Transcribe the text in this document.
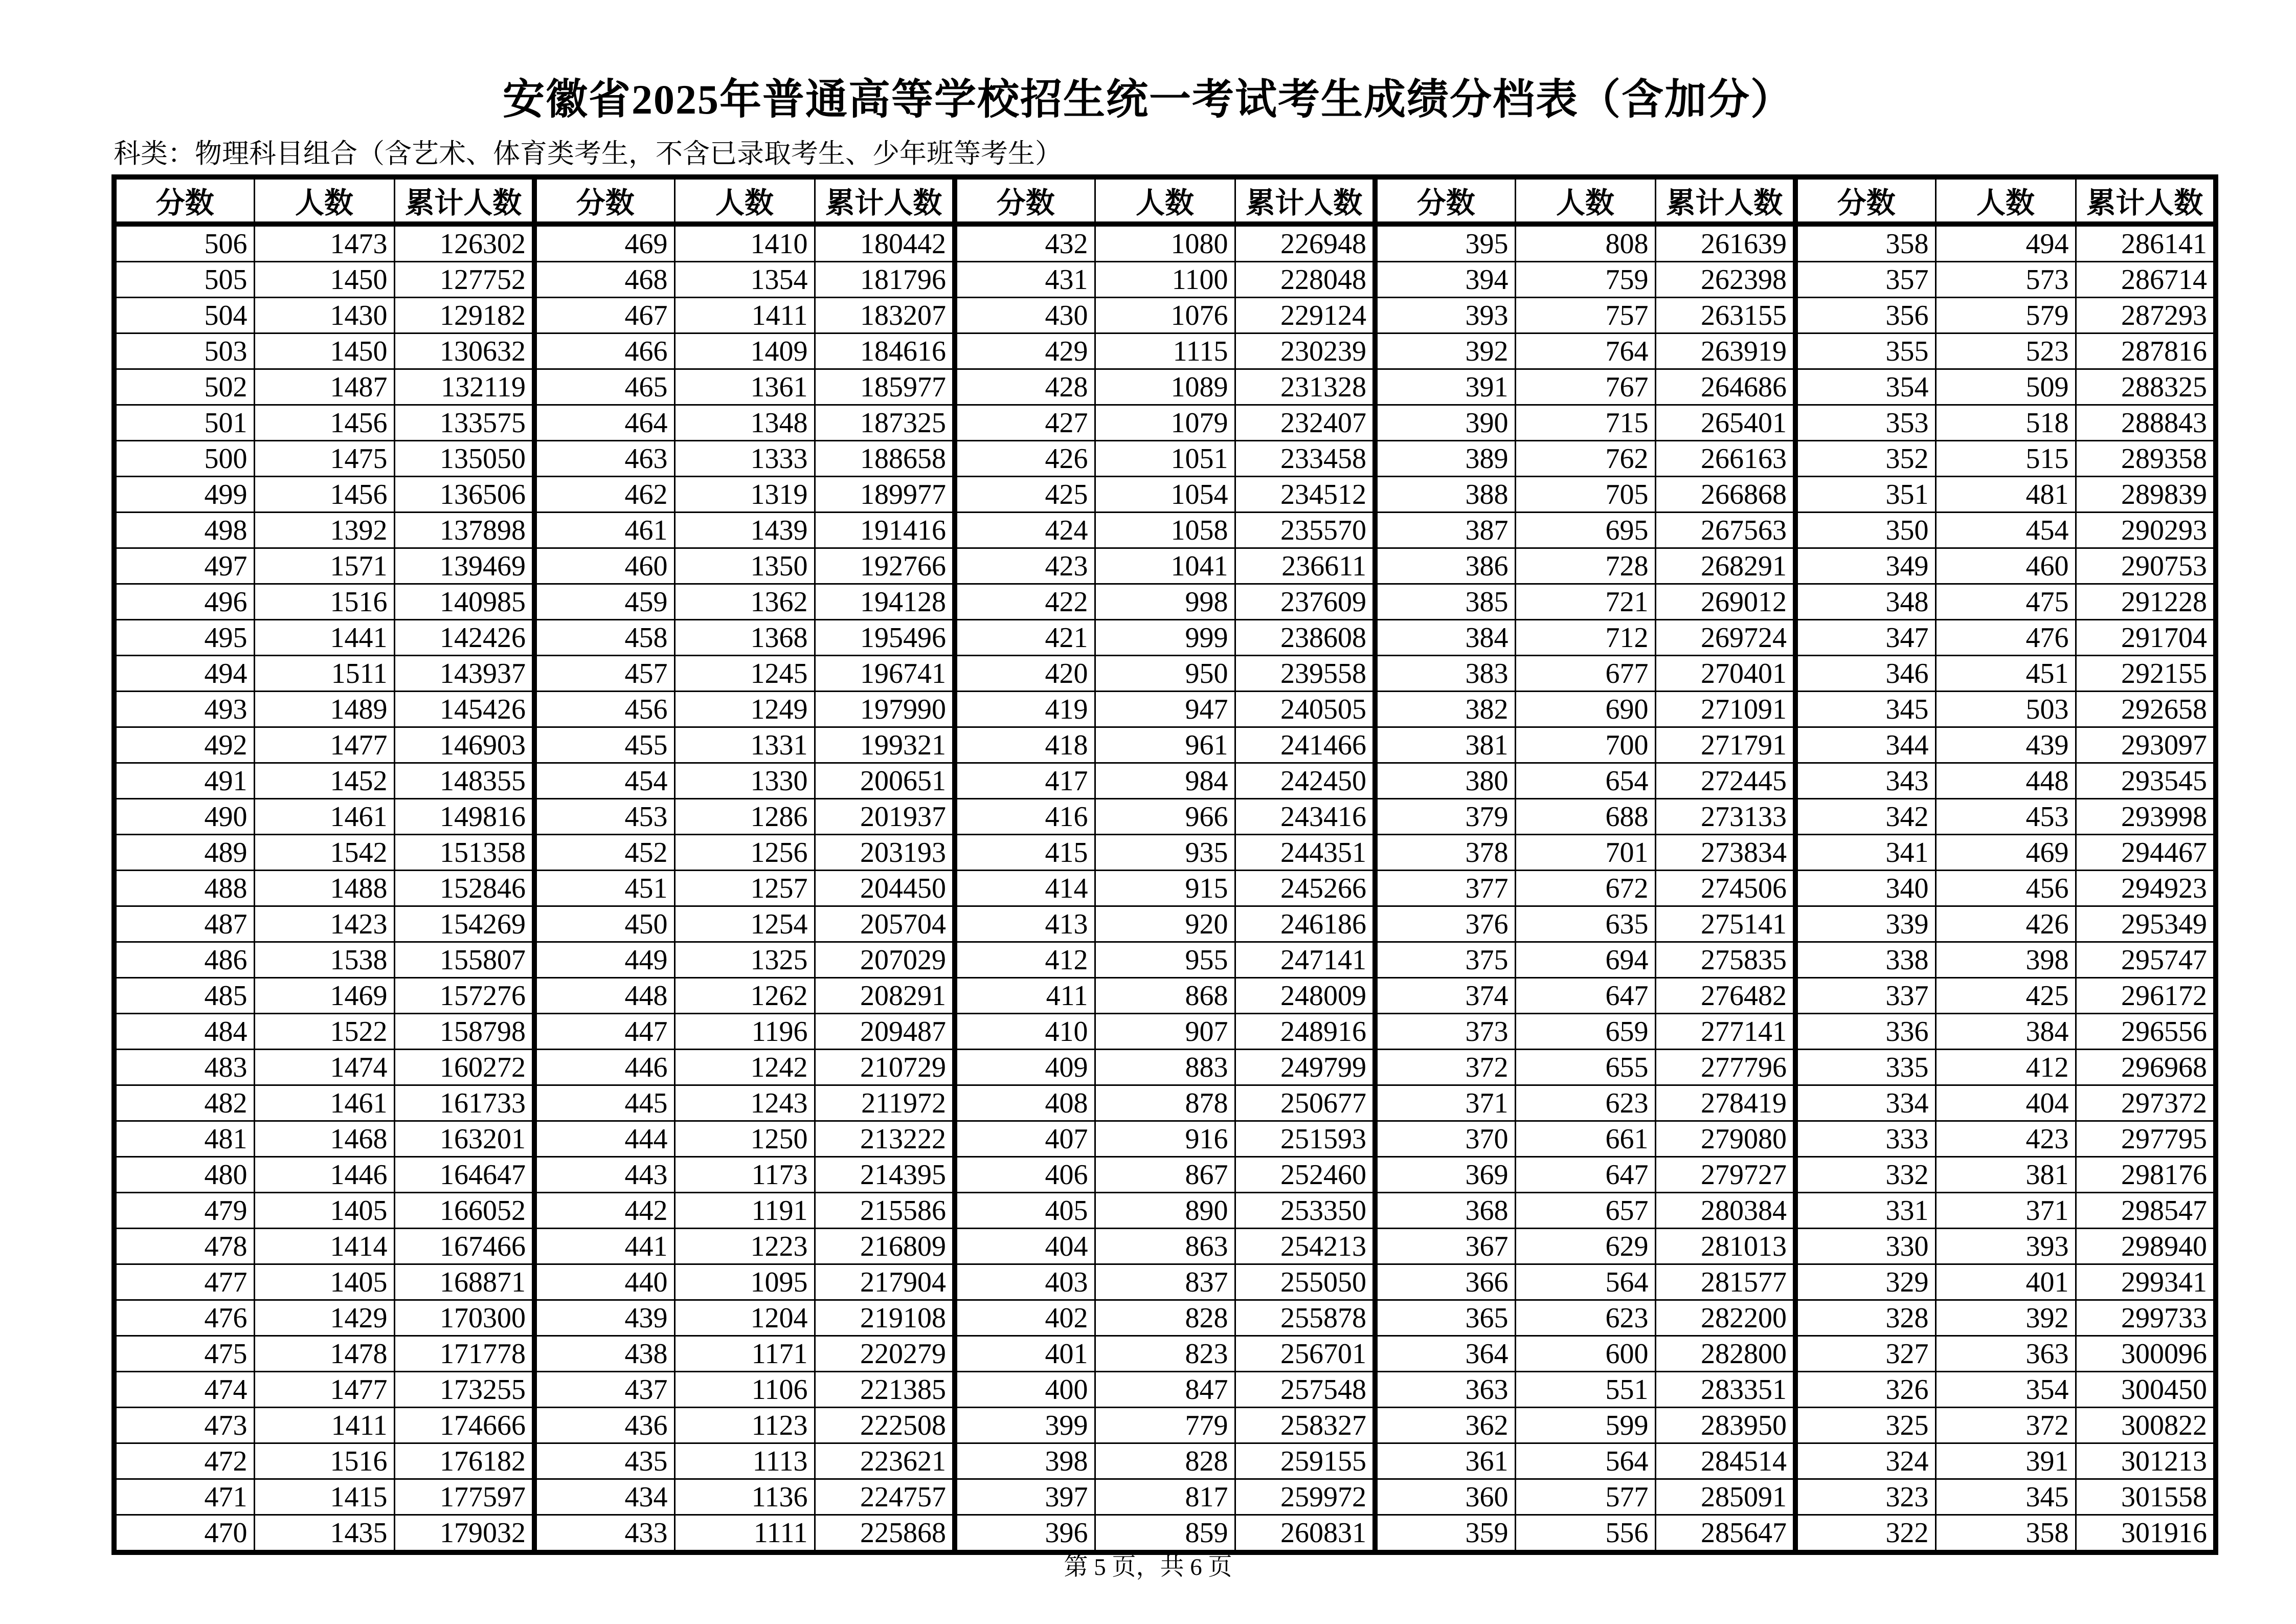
安徽省2025年普通高等学校招生统一考试考生成绩分档表（含加分）
科类：物理科目组合（含艺术、体育类考生，不含已录取考生、少年班等考生）
分数	人数	累计人数	分数	人数	累计人数	分数	人数	累计人数	分数	人数	累计人数	分数	人数	累计人数
506	1473	126302	469	1410	180442	432	1080	226948	395	808	261639	358	494	286141
505	1450	127752	468	1354	181796	431	1100	228048	394	759	262398	357	573	286714
504	1430	129182	467	1411	183207	430	1076	229124	393	757	263155	356	579	287293
503	1450	130632	466	1409	184616	429	1115	230239	392	764	263919	355	523	287816
502	1487	132119	465	1361	185977	428	1089	231328	391	767	264686	354	509	288325
501	1456	133575	464	1348	187325	427	1079	232407	390	715	265401	353	518	288843
500	1475	135050	463	1333	188658	426	1051	233458	389	762	266163	352	515	289358
499	1456	136506	462	1319	189977	425	1054	234512	388	705	266868	351	481	289839
498	1392	137898	461	1439	191416	424	1058	235570	387	695	267563	350	454	290293
497	1571	139469	460	1350	192766	423	1041	236611	386	728	268291	349	460	290753
496	1516	140985	459	1362	194128	422	998	237609	385	721	269012	348	475	291228
495	1441	142426	458	1368	195496	421	999	238608	384	712	269724	347	476	291704
494	1511	143937	457	1245	196741	420	950	239558	383	677	270401	346	451	292155
493	1489	145426	456	1249	197990	419	947	240505	382	690	271091	345	503	292658
492	1477	146903	455	1331	199321	418	961	241466	381	700	271791	344	439	293097
491	1452	148355	454	1330	200651	417	984	242450	380	654	272445	343	448	293545
490	1461	149816	453	1286	201937	416	966	243416	379	688	273133	342	453	293998
489	1542	151358	452	1256	203193	415	935	244351	378	701	273834	341	469	294467
488	1488	152846	451	1257	204450	414	915	245266	377	672	274506	340	456	294923
487	1423	154269	450	1254	205704	413	920	246186	376	635	275141	339	426	295349
486	1538	155807	449	1325	207029	412	955	247141	375	694	275835	338	398	295747
485	1469	157276	448	1262	208291	411	868	248009	374	647	276482	337	425	296172
484	1522	158798	447	1196	209487	410	907	248916	373	659	277141	336	384	296556
483	1474	160272	446	1242	210729	409	883	249799	372	655	277796	335	412	296968
482	1461	161733	445	1243	211972	408	878	250677	371	623	278419	334	404	297372
481	1468	163201	444	1250	213222	407	916	251593	370	661	279080	333	423	297795
480	1446	164647	443	1173	214395	406	867	252460	369	647	279727	332	381	298176
479	1405	166052	442	1191	215586	405	890	253350	368	657	280384	331	371	298547
478	1414	167466	441	1223	216809	404	863	254213	367	629	281013	330	393	298940
477	1405	168871	440	1095	217904	403	837	255050	366	564	281577	329	401	299341
476	1429	170300	439	1204	219108	402	828	255878	365	623	282200	328	392	299733
475	1478	171778	438	1171	220279	401	823	256701	364	600	282800	327	363	300096
474	1477	173255	437	1106	221385	400	847	257548	363	551	283351	326	354	300450
473	1411	174666	436	1123	222508	399	779	258327	362	599	283950	325	372	300822
472	1516	176182	435	1113	223621	398	828	259155	361	564	284514	324	391	301213
471	1415	177597	434	1136	224757	397	817	259972	360	577	285091	323	345	301558
470	1435	179032	433	1111	225868	396	859	260831	359	556	285647	322	358	301916
第 5 页，共 6 页
